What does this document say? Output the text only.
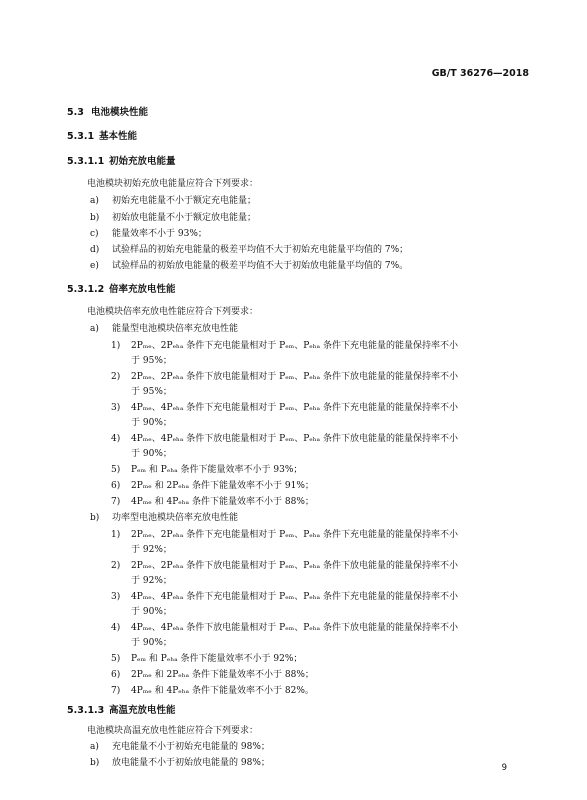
GB/T 36276—2018
5.3 电池模块性能
5.3.1 基本性能
5.3.1.1 初始充放电能量
电池模块初始充放电能量应符合下列要求：
a) 初始充电能量不小于额定充电能量；
b) 初始放电能量不小于额定放电能量；
c) 能量效率不小于 93%；
d) 试验样品的初始充电能量的极差平均值不大于初始充电能量平均值的 7%；
e) 试验样品的初始放电能量的极差平均值不大于初始放电能量平均值的 7%。
5.3.1.2 倍率充放电性能
电池模块倍率充放电性能应符合下列要求：
a) 能量型电池模块倍率充放电性能
1) 2Pₘₑ、2Pₑₕₐ 条件下充电能量相对于 Pₑₘ、Pₑₕₐ 条件下充电能量的能量保持率不小
于 95%；
2) 2Pₘₑ、2Pₑₕₐ 条件下放电能量相对于 Pₑₘ、Pₑₕₐ 条件下放电能量的能量保持率不小
于 95%；
3) 4Pₘₑ、4Pₑₕₐ 条件下充电能量相对于 Pₑₘ、Pₑₕₐ 条件下充电能量的能量保持率不小
于 90%；
4) 4Pₘₑ、4Pₑₕₐ 条件下放电能量相对于 Pₑₘ、Pₑₕₐ 条件下放电能量的能量保持率不小
于 90%；
5) Pₑₘ 和 Pₑₕₐ 条件下能量效率不小于 93%；
6) 2Pₘₑ 和 2Pₑₕₐ 条件下能量效率不小于 91%；
7) 4Pₘₑ 和 4Pₑₕₐ 条件下能量效率不小于 88%；
b) 功率型电池模块倍率充放电性能
1) 2Pₘₑ、2Pₑₕₐ 条件下充电能量相对于 Pₑₘ、Pₑₕₐ 条件下充电能量的能量保持率不小
于 92%；
2) 2Pₘₑ、2Pₑₕₐ 条件下放电能量相对于 Pₑₘ、Pₑₕₐ 条件下放电能量的能量保持率不小
于 92%；
3) 4Pₘₑ、4Pₑₕₐ 条件下充电能量相对于 Pₑₘ、Pₑₕₐ 条件下充电能量的能量保持率不小
于 90%；
4) 4Pₘₑ、4Pₑₕₐ 条件下放电能量相对于 Pₑₘ、Pₑₕₐ 条件下放电能量的能量保持率不小
于 90%；
5) Pₑₘ 和 Pₑₕₐ 条件下能量效率不小于 92%；
6) 2Pₘₑ 和 2Pₑₕₐ 条件下能量效率不小于 88%；
7) 4Pₘₑ 和 4Pₑₕₐ 条件下能量效率不小于 82%。
5.3.1.3 高温充放电性能
电池模块高温充放电性能应符合下列要求：
a) 充电能量不小于初始充电能量的 98%；
b) 放电能量不小于初始放电能量的 98%；	9
